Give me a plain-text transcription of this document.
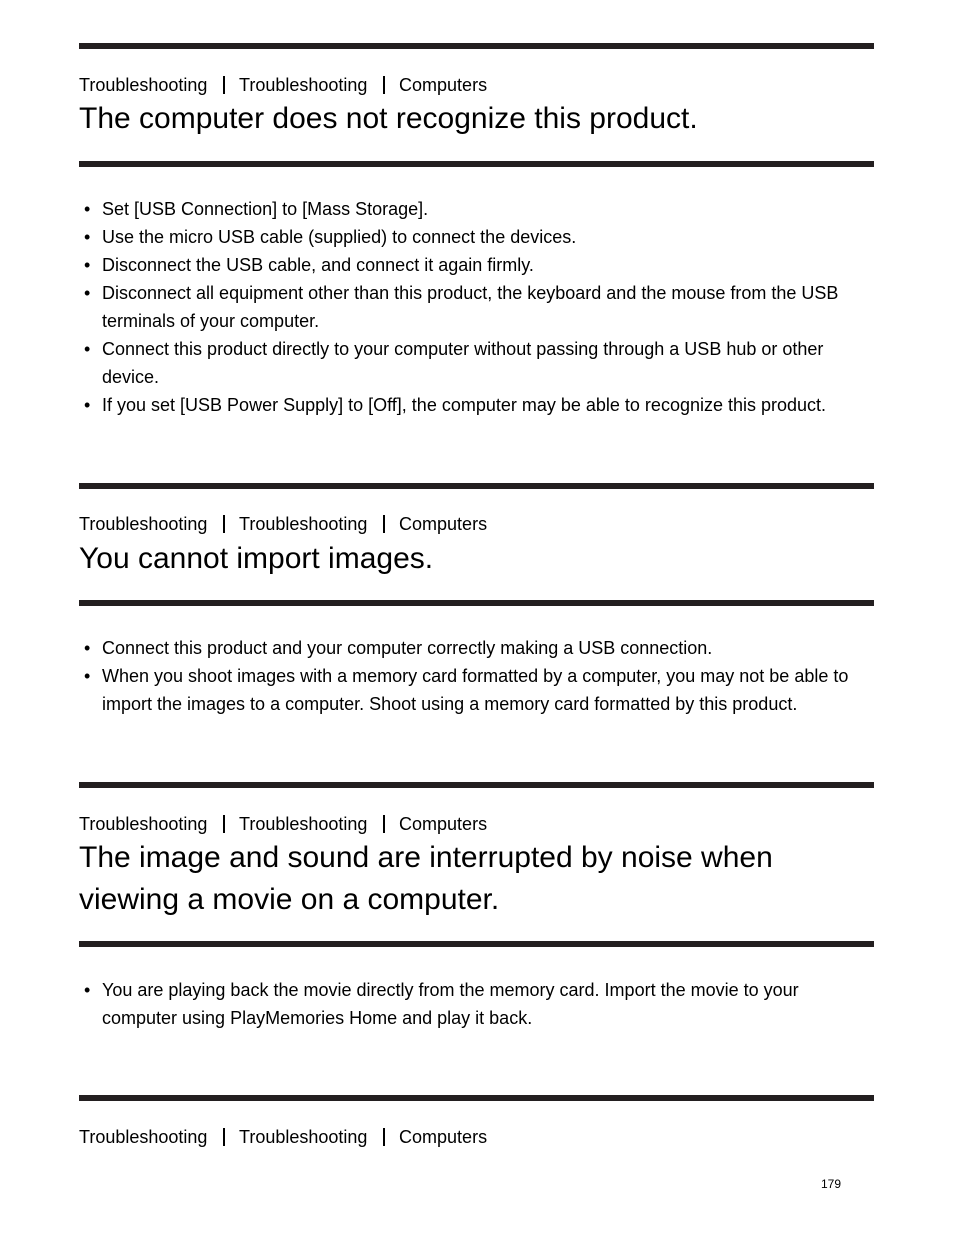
Troubleshooting Troubleshooting Computers
The computer does not recognize this product.
• Set [USB Connection] to [Mass Storage].
• Use the micro USB cable (supplied) to connect the devices.
• Disconnect the USB cable, and connect it again firmly.
• Disconnect all equipment other than this product, the keyboard and the mouse from the USB terminals of your computer.
• Connect this product directly to your computer without passing through a USB hub or other device.
• If you set [USB Power Supply] to [Off], the computer may be able to recognize this product.
Troubleshooting Troubleshooting Computers
You cannot import images.
• Connect this product and your computer correctly making a USB connection.
• When you shoot images with a memory card formatted by a computer, you may not be able to import the images to a computer. Shoot using a memory card formatted by this product.
Troubleshooting Troubleshooting Computers
The image and sound are interrupted by noise when viewing a movie on a computer.
• You are playing back the movie directly from the memory card. Import the movie to your computer using PlayMemories Home and play it back.
Troubleshooting Troubleshooting Computers
179
